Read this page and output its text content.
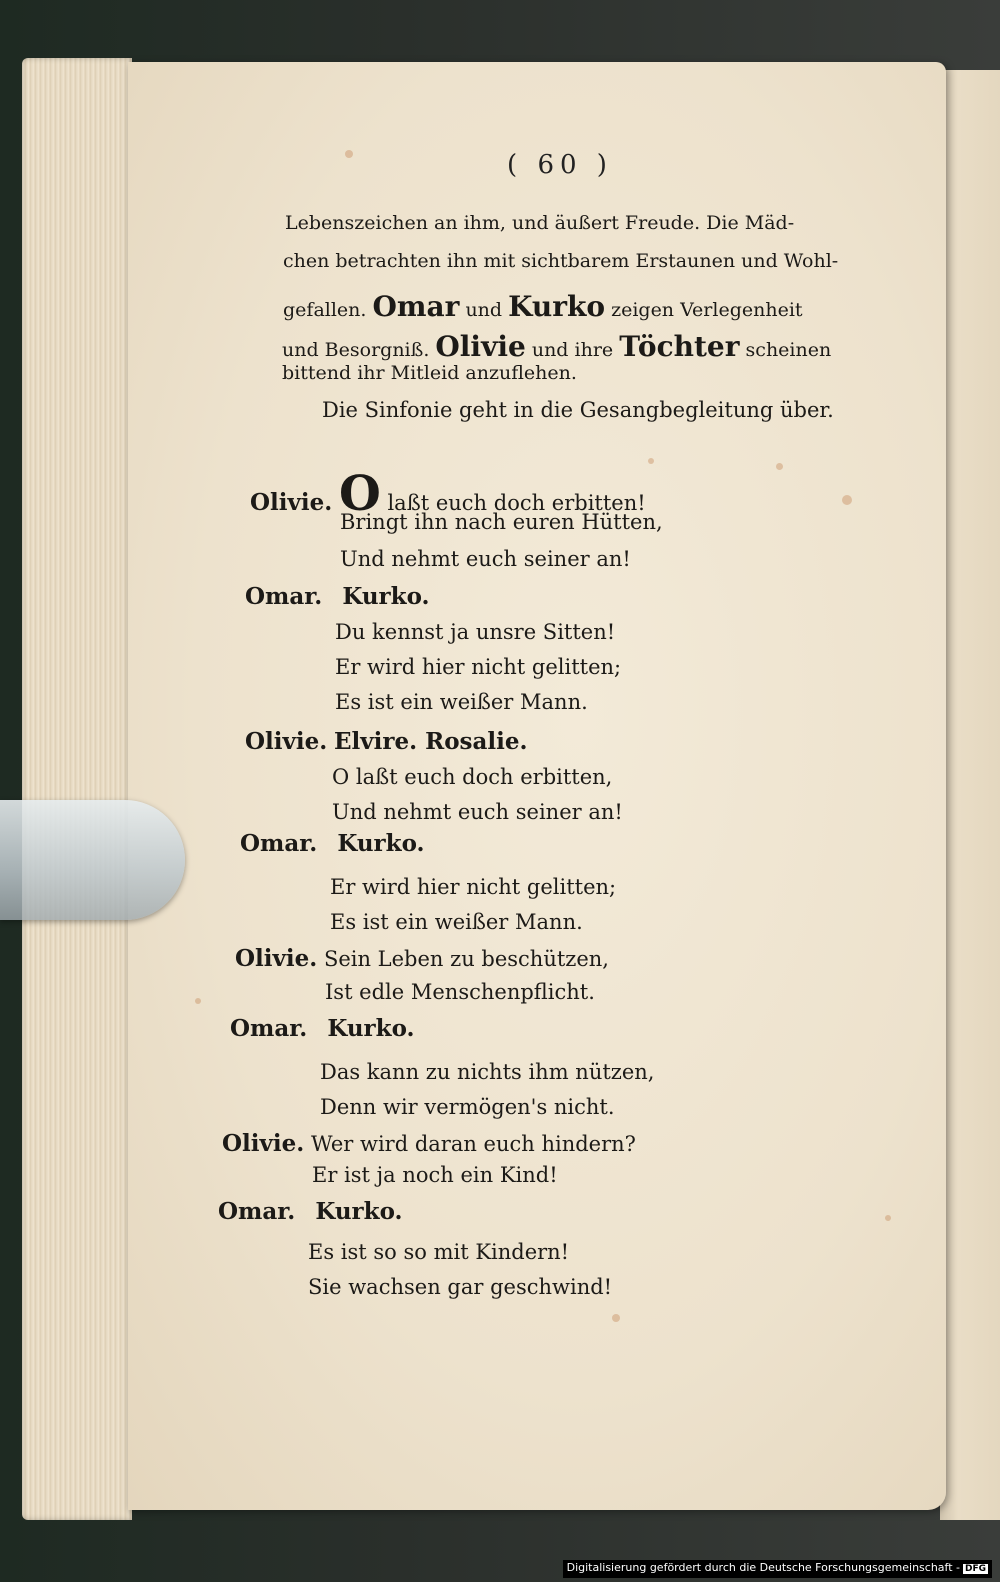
( 60 )
Lebenszeichen an ihm, und äußert Freude. Die Mäd-
chen betrachten ihn mit sichtbarem Erstaunen und Wohl-
gefallen. Omar und Kurko zeigen Verlegenheit
und Besorgniß. Olivie und ihre Töchter scheinen
bittend ihr Mitleid anzuflehen.
Die Sinfonie geht in die Gesangbegleitung über.
Olivie. O laßt euch doch erbitten!
Bringt ihn nach euren Hütten,
Und nehmt euch seiner an!
Omar. Kurko.
Du kennst ja unsre Sitten!
Er wird hier nicht gelitten;
Es ist ein weißer Mann.
Olivie. Elvire. Rosalie.
O laßt euch doch erbitten,
Und nehmt euch seiner an!
Omar. Kurko.
Er wird hier nicht gelitten;
Es ist ein weißer Mann.
Olivie. Sein Leben zu beschützen,
Ist edle Menschenpflicht.
Omar. Kurko.
Das kann zu nichts ihm nützen,
Denn wir vermögen's nicht.
Olivie. Wer wird daran euch hindern?
Er ist ja noch ein Kind!
Omar. Kurko.
Es ist so so mit Kindern!
Sie wachsen gar geschwind!
Digitalisierung gefördert durch die Deutsche Forschungsgemeinschaft - DFG
